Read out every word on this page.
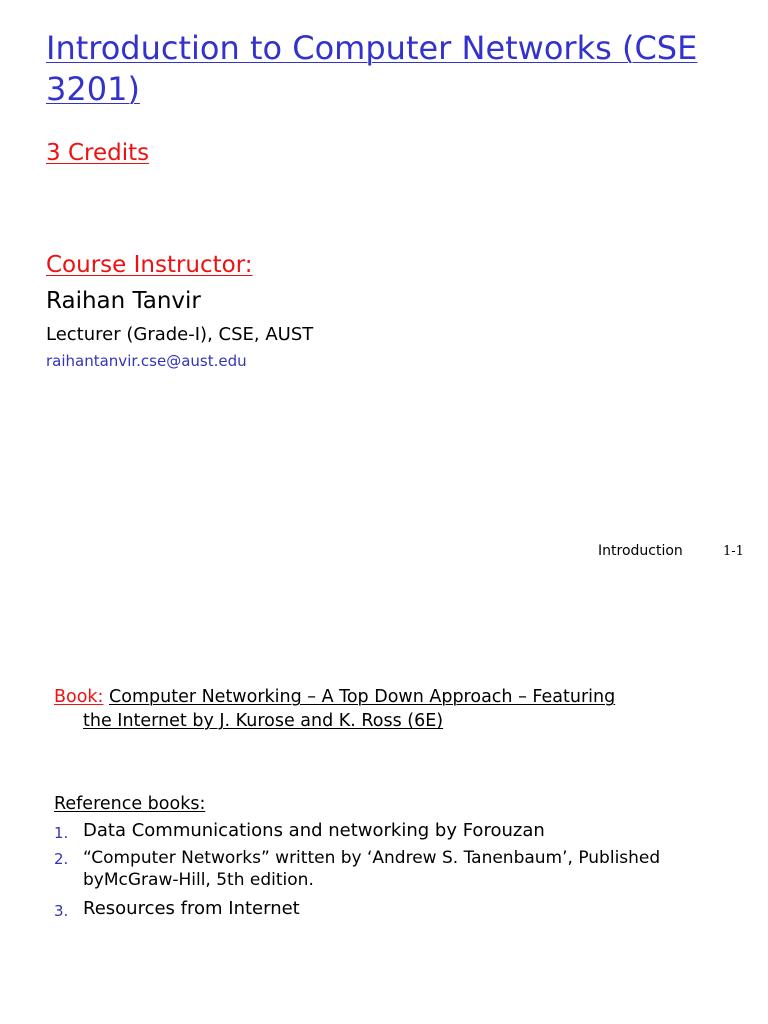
Introduction to Computer Networks (CSE 3201)
3 Credits
Course Instructor:
Raihan Tanvir
Lecturer (Grade-I), CSE, AUST
raihantanvir.cse@aust.edu
Introduction	1-1
Book: Computer Networking – A Top Down Approach – Featuring
the Internet by J. Kurose and K. Ross (6E)
Reference books:
1. Data Communications and networking by Forouzan
2. “Computer Networks” written by ‘Andrew S. Tanenbaum’, Published byMcGraw-Hill, 5th edition.
3. Resources from Internet
